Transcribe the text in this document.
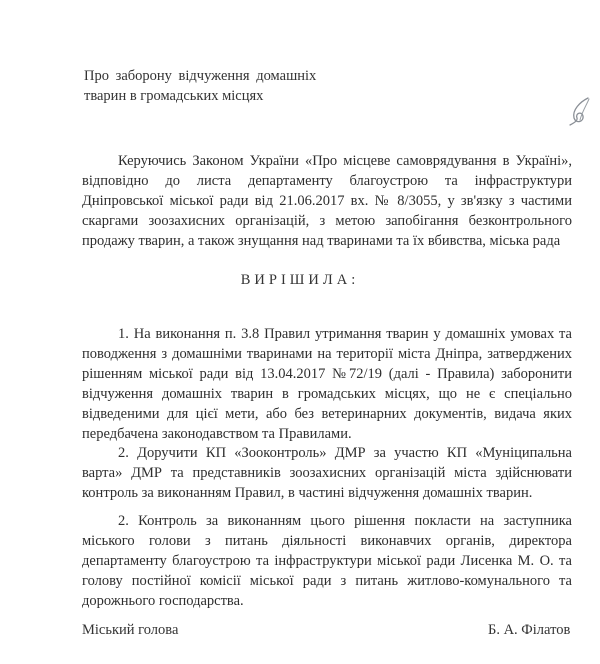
Про заборону відчуження домашніх
тварин в громадських місцях
Керуючись Законом України «Про місцеве самоврядування в Україні», відповідно до листа департаменту благоустрою та інфраструктури Дніпровської міської ради від 21.06.2017 вх. № 8/3055, у зв'язку з частими скаргами зоозахисних організацій, з метою запобігання безконтрольного продажу тварин, а також знущання над тваринами та їх вбивства, міська рада
ВИРІШИЛА:
1. На виконання п. 3.8 Правил утримання тварин у домашніх умовах та поводження з домашніми тваринами на території міста Дніпра, затверджених рішенням міської ради від 13.04.2017 №72/19 (далі - Правила) заборонити відчуження домашніх тварин в громадських місцях, що не є спеціально відведеними для цієї мети, або без ветеринарних документів, видача яких передбачена законодавством та Правилами.
2. Доручити КП «Зооконтроль» ДМР за участю КП «Муніципальна варта» ДМР та представників зоозахисних організацій міста здійснювати контроль за виконанням Правил, в частині відчуження домашніх тварин.
2. Контроль за виконанням цього рішення покласти на заступника міського голови з питань діяльності виконавчих органів, директора департаменту благоустрою та інфраструктури міської ради Лисенка М. О. та голову постійної комісії міської ради з питань житлово-комунального та дорожнього господарства.
Міський голова	Б. А. Філатов
